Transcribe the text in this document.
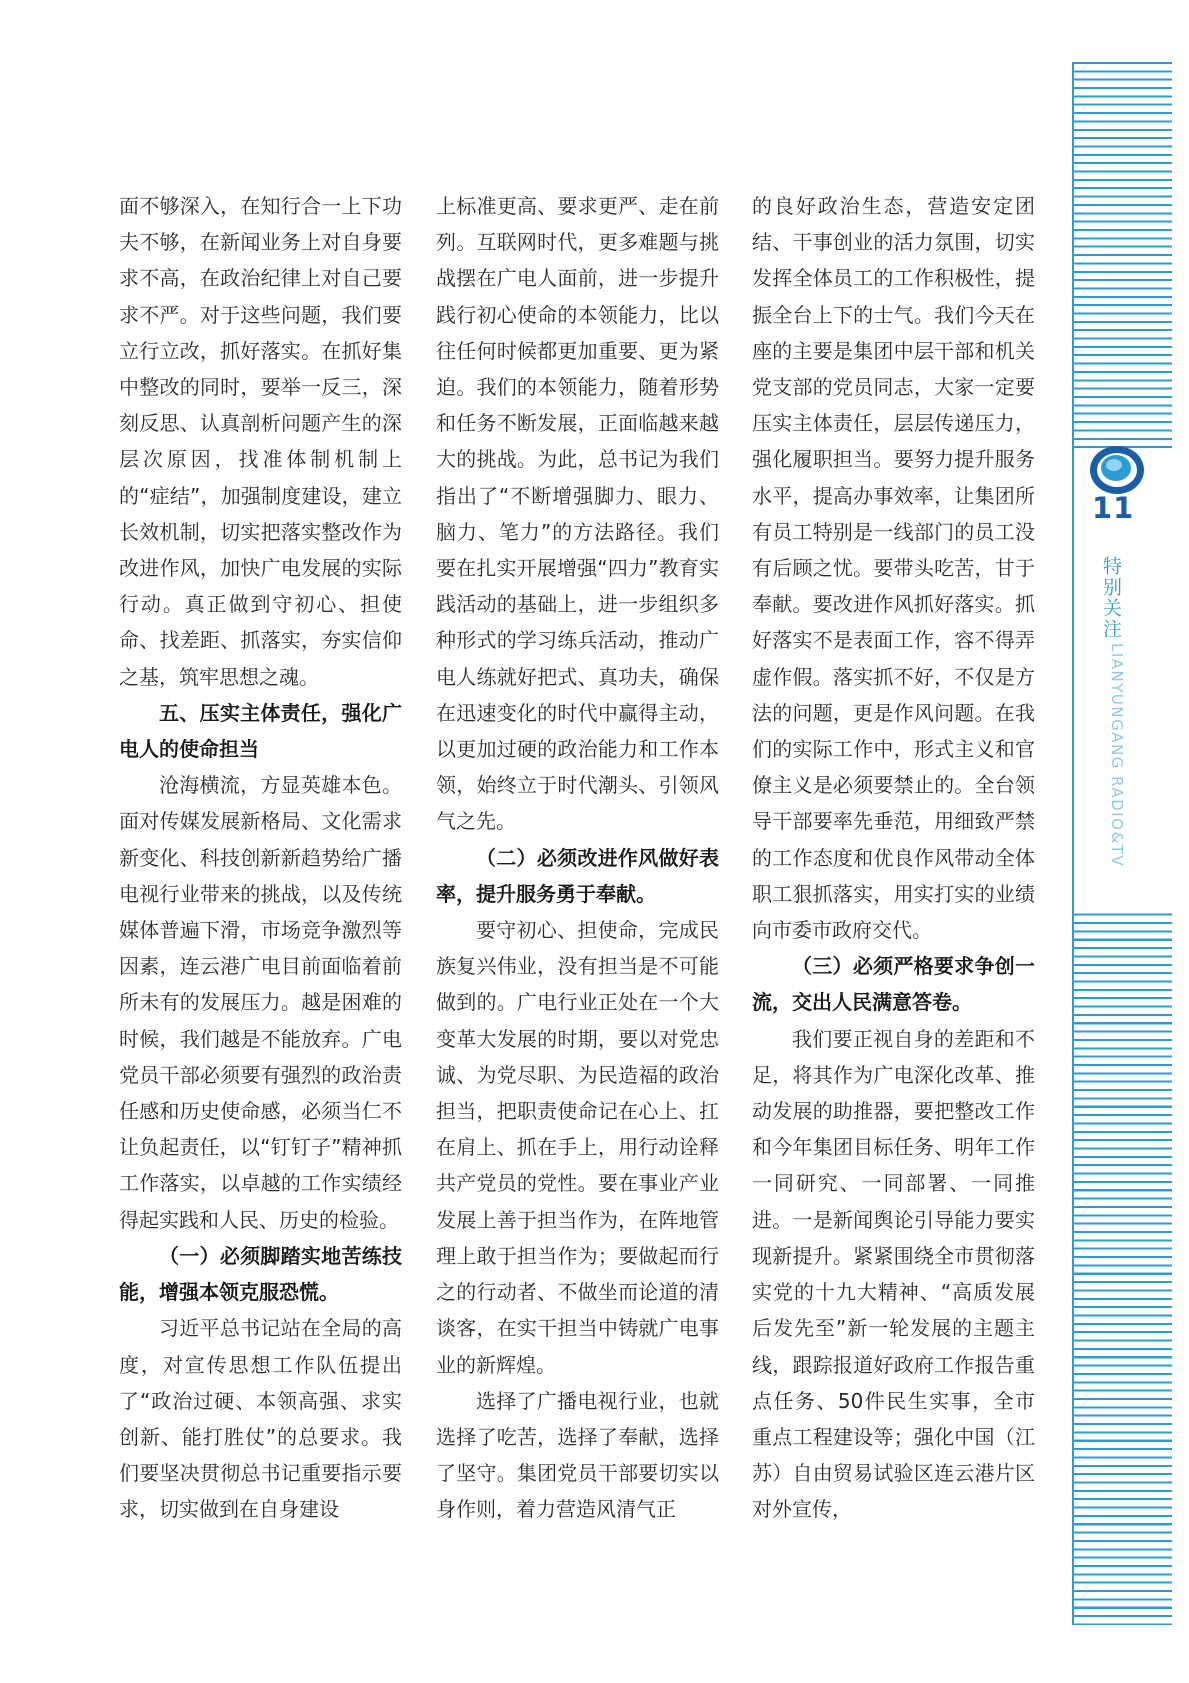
11
特别关注
LIANYUNGANG RADIO&TV

面不够深入，在知行合一上下功夫不够，在新闻业务上对自身要求不高，在政治纪律上对自己要求不严。对于这些问题，我们要立行立改，抓好落实。在抓好集中整改的同时，要举一反三，深刻反思、认真剖析问题产生的深层次原因，找准体制机制上的“症结”，加强制度建设，建立长效机制，切实把落实整改作为改进作风，加快广电发展的实际行动。真正做到守初心、担使命、找差距、抓落实，夯实信仰之基，筑牢思想之魂。

五、压实主体责任，强化广电人的使命担当

沧海横流，方显英雄本色。面对传媒发展新格局、文化需求新变化、科技创新新趋势给广播电视行业带来的挑战，以及传统媒体普遍下滑，市场竞争激烈等因素，连云港广电目前面临着前所未有的发展压力。越是困难的时候，我们越是不能放弃。广电党员干部必须要有强烈的政治责任感和历史使命感，必须当仁不让负起责任，以“钉钉子”精神抓工作落实，以卓越的工作实绩经得起实践和人民、历史的检验。

（一）必须脚踏实地苦练技能，增强本领克服恐慌。

习近平总书记站在全局的高度，对宣传思想工作队伍提出了“政治过硬、本领高强、求实创新、能打胜仗”的总要求。我们要坚决贯彻总书记重要指示要求，切实做到在自身建设

上标准更高、要求更严、走在前列。互联网时代，更多难题与挑战摆在广电人面前，进一步提升践行初心使命的本领能力，比以往任何时候都更加重要、更为紧迫。我们的本领能力，随着形势和任务不断发展，正面临越来越大的挑战。为此，总书记为我们指出了“不断增强脚力、眼力、脑力、笔力”的方法路径。我们要在扎实开展增强“四力”教育实践活动的基础上，进一步组织多种形式的学习练兵活动，推动广电人练就好把式、真功夫，确保在迅速变化的时代中赢得主动，以更加过硬的政治能力和工作本领，始终立于时代潮头、引领风气之先。

（二）必须改进作风做好表率，提升服务勇于奉献。

要守初心、担使命，完成民族复兴伟业，没有担当是不可能做到的。广电行业正处在一个大变革大发展的时期，要以对党忠诚、为党尽职、为民造福的政治担当，把职责使命记在心上、扛在肩上、抓在手上，用行动诠释共产党员的党性。要在事业产业发展上善于担当作为，在阵地管理上敢于担当作为；要做起而行之的行动者、不做坐而论道的清谈客，在实干担当中铸就广电事业的新辉煌。

选择了广播电视行业，也就选择了吃苦，选择了奉献，选择了坚守。集团党员干部要切实以身作则，着力营造风清气正

的良好政治生态，营造安定团结、干事创业的活力氛围，切实发挥全体员工的工作积极性，提振全台上下的士气。我们今天在座的主要是集团中层干部和机关党支部的党员同志，大家一定要压实主体责任，层层传递压力，强化履职担当。要努力提升服务水平，提高办事效率，让集团所有员工特别是一线部门的员工没有后顾之忧。要带头吃苦，甘于奉献。要改进作风抓好落实。抓好落实不是表面工作，容不得弄虚作假。落实抓不好，不仅是方法的问题，更是作风问题。在我们的实际工作中，形式主义和官僚主义是必须要禁止的。全台领导干部要率先垂范，用细致严禁的工作态度和优良作风带动全体职工狠抓落实，用实打实的业绩向市委市政府交代。

（三）必须严格要求争创一流，交出人民满意答卷。

我们要正视自身的差距和不足，将其作为广电深化改革、推动发展的助推器，要把整改工作和今年集团目标任务、明年工作一同研究、一同部署、一同推进。一是新闻舆论引导能力要实现新提升。紧紧围绕全市贯彻落实党的十九大精神、“高质发展 后发先至”新一轮发展的主题主线，跟踪报道好政府工作报告重点任务、50件民生实事，全市重点工程建设等；强化中国（江苏）自由贸易试验区连云港片区对外宣传，
